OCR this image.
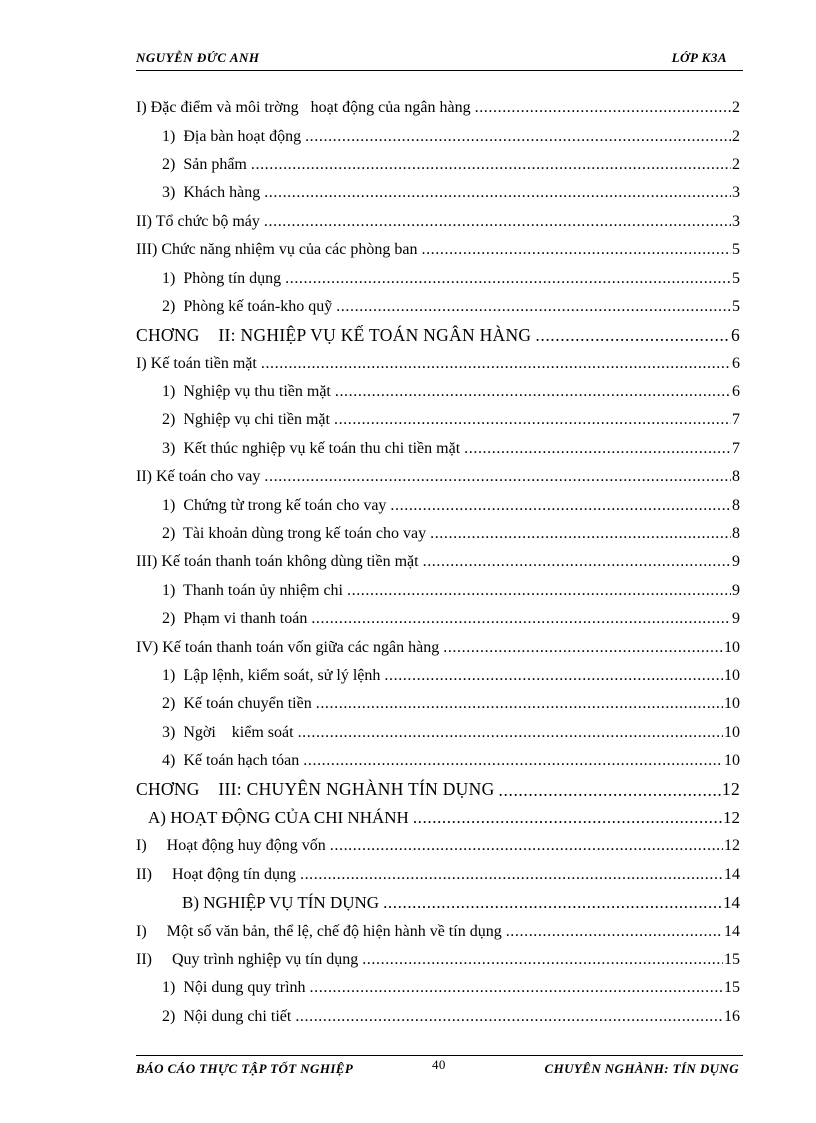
NGUYỄN ĐỨC ANH	LỚP K3A
I) Đặc điểm và môi trờng   hoạt động của ngân hàng .....	2
1)  Địa bàn hoạt động .....	2
2)  Sản phẩm .....	2
3)  Khách hàng .....	3
II) Tổ chức bộ máy .....	3
III) Chức năng nhiệm vụ của các phòng ban .....	5
1)  Phòng tín dụng .....	5
2)  Phòng kế toán-kho quỹ .....	5
CHƠNG    II: NGHIỆP VỤ KẾ TOÁN NGÂN HÀNG .....	6
I) Kế toán tiền mặt .....	6
1)  Nghiệp vụ thu tiền mặt .....	6
2)  Nghiệp vụ chi tiền mặt .....	7
3)  Kết thúc nghiệp vụ kế toán thu chi tiền mặt .....	7
II) Kế toán cho vay .....	8
1)  Chứng từ trong kế toán cho vay .....	8
2)  Tài khoản dùng trong kế toán cho vay .....	8
III) Kế toán thanh toán không dùng tiền mặt .....	9
1)  Thanh toán ủy nhiệm chi .....	9
2)  Phạm vi thanh toán .....	9
IV) Kế toán thanh toán vốn giữa các ngân hàng .....	10
1)  Lập lệnh, kiểm soát, sử lý lệnh .....	10
2)  Kế toán chuyển tiền .....	10
3)  Ngời    kiểm soát .....	10
4)  Kế toán hạch tóan .....	10
CHƠNG    III: CHUYÊN NGHÀNH TÍN DỤNG .....	12
A) HOẠT ĐỘNG CỦA CHI NHÁNH .....	12
I)     Hoạt động huy động vốn .....	12
II)     Hoạt động tín dụng .....	14
B) NGHIỆP VỤ TÍN DỤNG .....	14
I)     Một số văn bản, thể lệ, chế độ hiện hành về tín dụng .....	14
II)     Quy trình nghiệp vụ tín dụng .....	15
1)  Nội dung quy trình .....	15
2)  Nội dung chi tiết .....	16
BÁO CÁO THỰC TẬP TỐT NGHIỆP	40	CHUYÊN NGHÀNH: TÍN DỤNG
